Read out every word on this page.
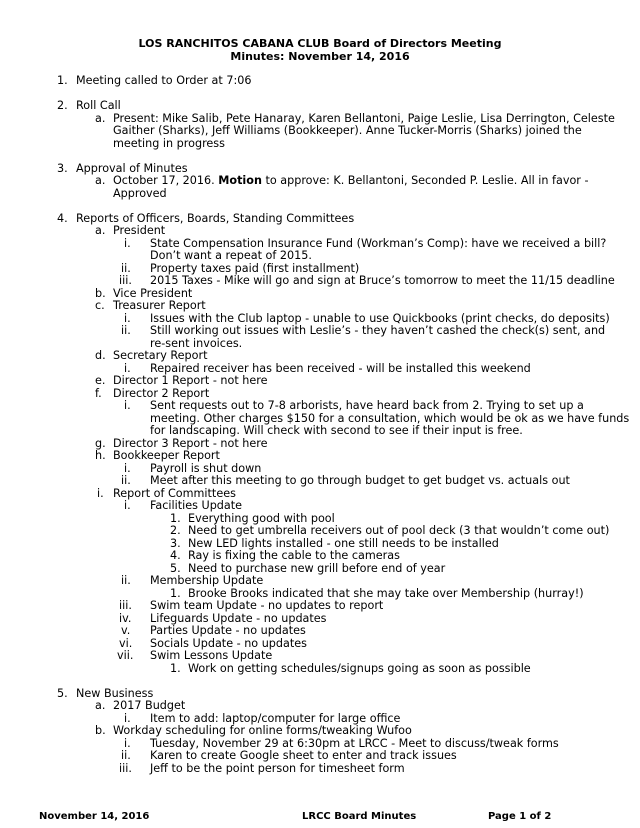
LOS RANCHITOS CABANA CLUB Board of Directors Meeting
Minutes: November 14, 2016
1. Meeting called to Order at 7:06

2. Roll Call

a. Present: Mike Salib, Pete Hanaray, Karen Bellantoni, Paige Leslie, Lisa Derrington, Celeste

Gaither (Sharks), Jeff Williams (Bookkeeper). Anne Tucker-Morris (Sharks) joined the

meeting in progress

3. Approval of Minutes

a. October 17, 2016. Motion to approve: K. Bellantoni, Seconded P. Leslie. All in favor -

Approved

4. Reports of Officers, Boards, Standing Committees

a. President

i. State Compensation Insurance Fund (Workman’s Comp): have we received a bill?

Don’t want a repeat of 2015.

ii. Property taxes paid (first installment)

iii. 2015 Taxes - Mike will go and sign at Bruce’s tomorrow to meet the 11/15 deadline

b. Vice President

c. Treasurer Report

i. Issues with the Club laptop - unable to use Quickbooks (print checks, do deposits)

ii. Still working out issues with Leslie’s - they haven’t cashed the check(s) sent, and

re-sent invoices.

d. Secretary Report

i. Repaired receiver has been received - will be installed this weekend

e. Director 1 Report - not here

f. Director 2 Report

i. Sent requests out to 7-8 arborists, have heard back from 2. Trying to set up a

meeting. Other charges $150 for a consultation, which would be ok as we have funds

for landscaping. Will check with second to see if their input is free.

g. Director 3 Report - not here

h. Bookkeeper Report

i. Payroll is shut down

ii. Meet after this meeting to go through budget to get budget vs. actuals out

i. Report of Committees

i. Facilities Update

1. Everything good with pool

2. Need to get umbrella receivers out of pool deck (3 that wouldn’t come out)

3. New LED lights installed - one still needs to be installed

4. Ray is fixing the cable to the cameras

5. Need to purchase new grill before end of year

ii. Membership Update

1. Brooke Brooks indicated that she may take over Membership (hurray!)

iii. Swim team Update - no updates to report

iv. Lifeguards Update - no updates

v. Parties Update - no updates

vi. Socials Update - no updates

vii. Swim Lessons Update

1. Work on getting schedules/signups going as soon as possible

5. New Business

a. 2017 Budget

i. Item to add: laptop/computer for large office

b. Workday scheduling for online forms/tweaking Wufoo

i. Tuesday, November 29 at 6:30pm at LRCC - Meet to discuss/tweak forms

ii. Karen to create Google sheet to enter and track issues

iii. Jeff to be the point person for timesheet form

November 14, 2016	LRCC Board Minutes	Page 1 of 2
